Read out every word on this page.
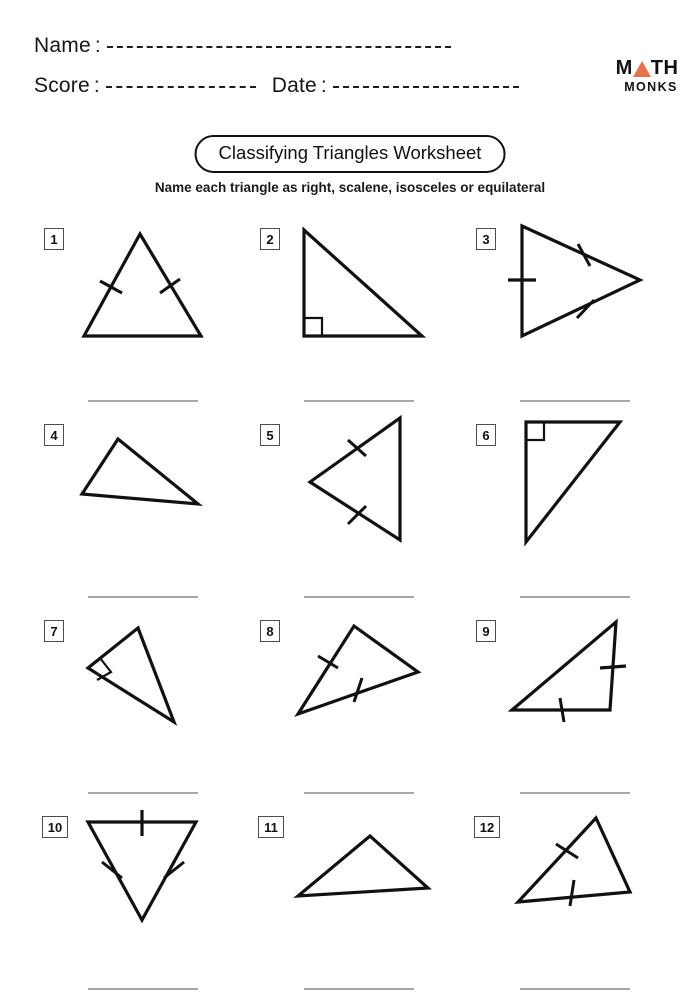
Name :
Score :	Date :
M TH
MONKS
Classifying Triangles Worksheet
Name each triangle as right, scalene, isosceles or equilateral
1	2	3
4	5	6
7	8	9
10	11	12
